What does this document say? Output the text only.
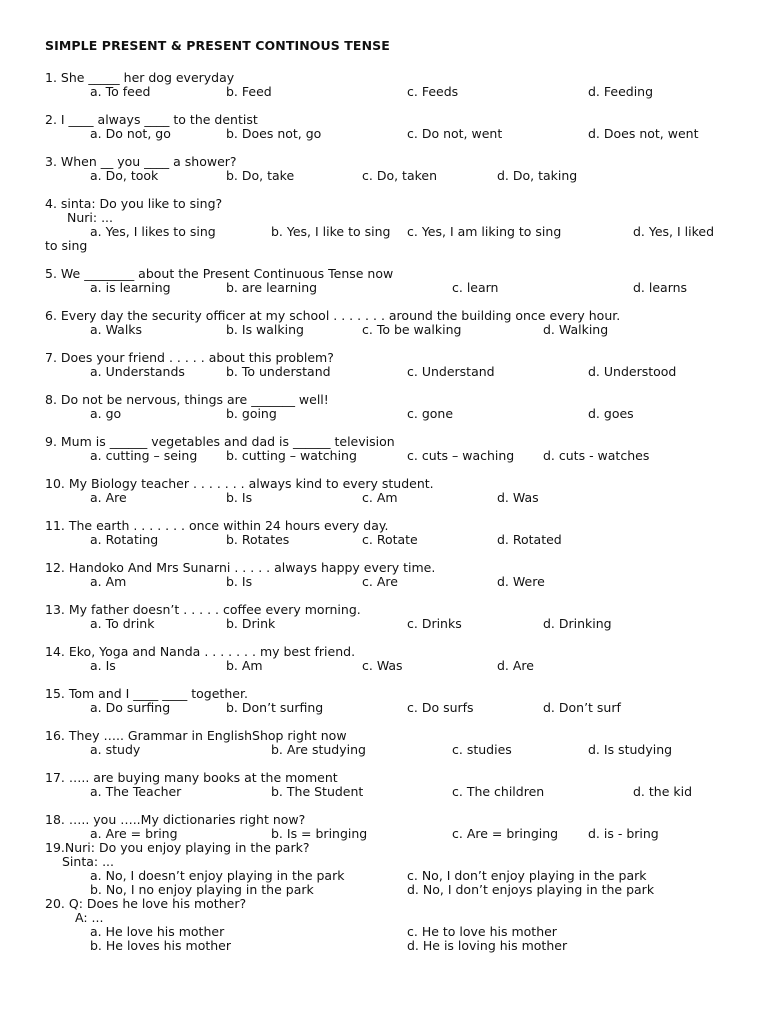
SIMPLE PRESENT & PRESENT CONTINOUS TENSE
1. She _____ her dog everyday
a. To feed	b. Feed	c. Feeds	d. Feeding
2. I ____ always ____ to the dentist
a. Do not, go	b. Does not, go	c. Do not, went	d. Does not, went
3. When __ you ____ a shower?
a. Do, took	b. Do, take	c. Do, taken	d. Do, taking
4. sinta: Do you like to sing?
Nuri: ...
a. Yes, I likes to sing	b. Yes, I like to sing c. Yes, I am liking to sing	d. Yes, I liked
to sing
5. We ________ about the Present Continuous Tense now
a. is learning	b. are learning	c. learn	d. learns
6. Every day the security officer at my school . . . . . . . around the building once every hour.
a. Walks	b. Is walking	c. To be walking	d. Walking
7. Does your friend . . . . . about this problem?
a. Understands	b. To understand	c. Understand	d. Understood
8. Do not be nervous, things are _______ well!
a. go	b. going	c. gone	d. goes
9. Mum is ______ vegetables and dad is ______ television
a. cutting – seing b. cutting – watching	c. cuts – waching d. cuts - watches
10. My Biology teacher . . . . . . . always kind to every student.
a. Are	b. Is	c. Am	d. Was
11. The earth . . . . . . . once within 24 hours every day.
a. Rotating	b. Rotates	c. Rotate	d. Rotated
12. Handoko And Mrs Sunarni . . . . . always happy every time.
a. Am	b. Is	c. Are	d. Were
13. My father doesn’t . . . . . coffee every morning.
a. To drink	b. Drink	c. Drinks	d. Drinking
14. Eko, Yoga and Nanda . . . . . . . my best friend.
a. Is	b. Am	c. Was	d. Are
15. Tom and I ____ ____ together.
a. Do surfing	b. Don’t surfing	c. Do surfs	d. Don’t surf
16. They ….. Grammar in EnglishShop right now
a. study	b. Are studying	c. studies	d. Is studying
17. ….. are buying many books at the moment
a. The Teacher	b. The Student	c. The children	d. the kid
18. ….. you …..My dictionaries right now?
a. Are = bring	b. Is = bringing	c. Are = bringing d. is - bring
19.Nuri: Do you enjoy playing in the park?
Sinta: ...
a. No, I doesn’t enjoy playing in the park	c. No, I don’t enjoy playing in the park
b. No, I no enjoy playing in the park	d. No, I don’t enjoys playing in the park
20. Q: Does he love his mother?
A: ...
a. He love his mother	c. He to love his mother
b. He loves his mother	d. He is loving his mother
